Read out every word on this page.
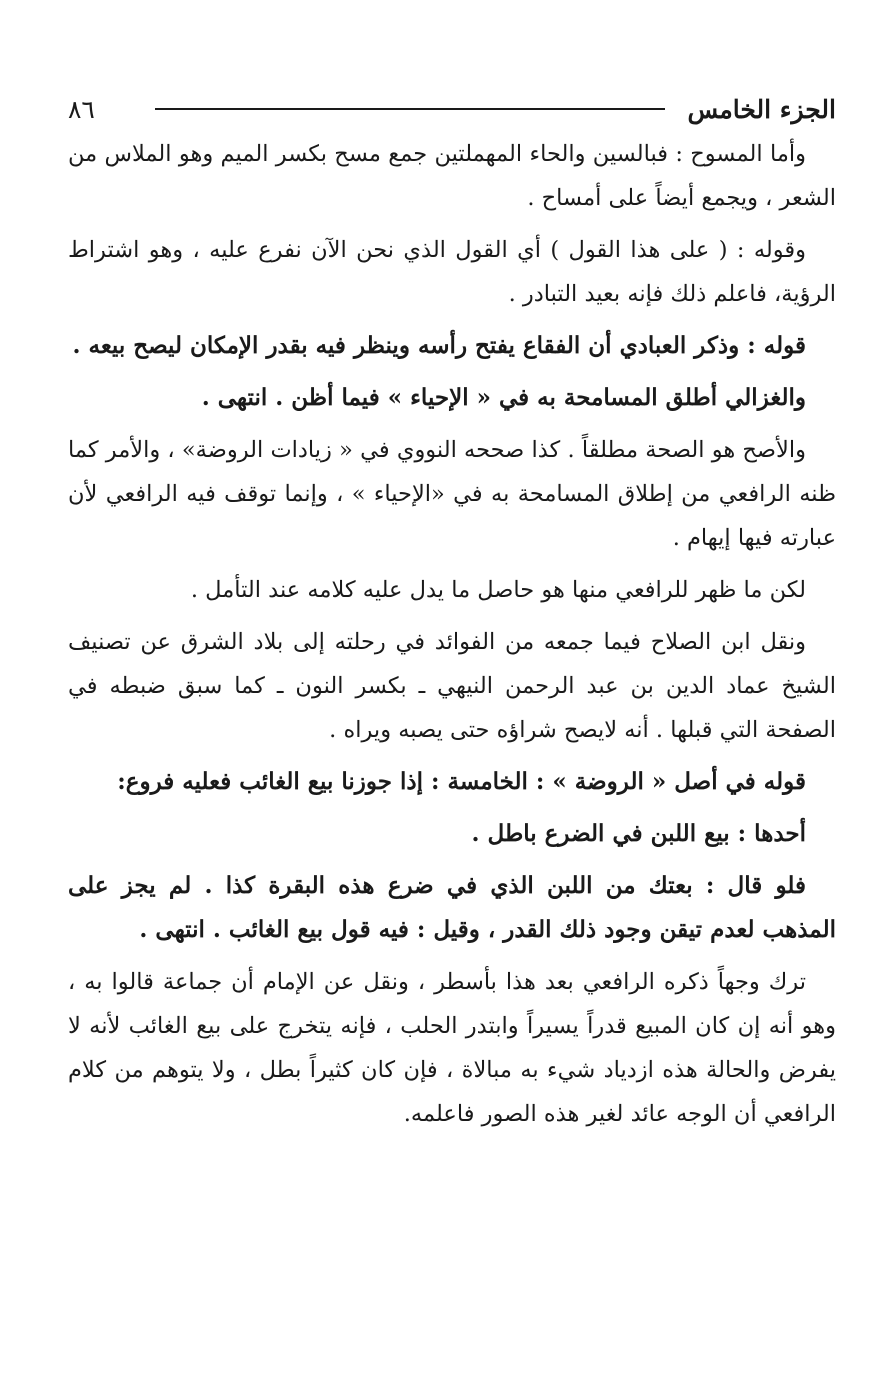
الجزء الخامس
٨٦

وأما المسوح : فبالسين والحاء المهملتين جمع مسح بكسر الميم وهو الملاس من الشعر ، ويجمع أيضاً على أمساح .

وقوله : ( على هذا القول ) أي القول الذي نحن الآن نفرع عليه ، وهو اشتراط الرؤية، فاعلم ذلك فإنه بعيد التبادر .

قوله : وذكر العبادي أن الفقاع يفتح رأسه وينظر فيه بقدر الإمكان ليصح بيعه .

والغزالي أطلق المسامحة به في « الإحياء » فيما أظن . انتهى .

والأصح هو الصحة مطلقاً . كذا صححه النووي في « زيادات الروضة» ، والأمر كما ظنه الرافعي من إطلاق المسامحة به في «الإحياء » ، وإنما توقف فيه الرافعي لأن عبارته فيها إيهام .

لكن ما ظهر للرافعي منها هو حاصل ما يدل عليه كلامه عند التأمل .

ونقل ابن الصلاح فيما جمعه من الفوائد في رحلته إلى بلاد الشرق عن تصنيف الشيخ عماد الدين بن عبد الرحمن النيهي ـ بكسر النون ـ كما سبق ضبطه في الصفحة التي قبلها . أنه لايصح شراؤه حتى يصبه ويراه .

قوله في أصل « الروضة » : الخامسة : إذا جوزنا بيع الغائب فعليه فروع:

أحدها : بيع اللبن في الضرع باطل .

فلو قال : بعتك من اللبن الذي في ضرع هذه البقرة كذا . لم يجز على المذهب لعدم تيقن وجود ذلك القدر ، وقيل : فيه قول بيع الغائب . انتهى .

ترك وجهاً ذكره الرافعي بعد هذا بأسطر ، ونقل عن الإمام أن جماعة قالوا به ، وهو أنه إن كان المبيع قدراً يسيراً وابتدر الحلب ، فإنه يتخرج على بيع الغائب لأنه لا يفرض والحالة هذه ازدياد شيء به مبالاة ، فإن كان كثيراً بطل ، ولا يتوهم من كلام الرافعي أن الوجه عائد لغير هذه الصور فاعلمه.
